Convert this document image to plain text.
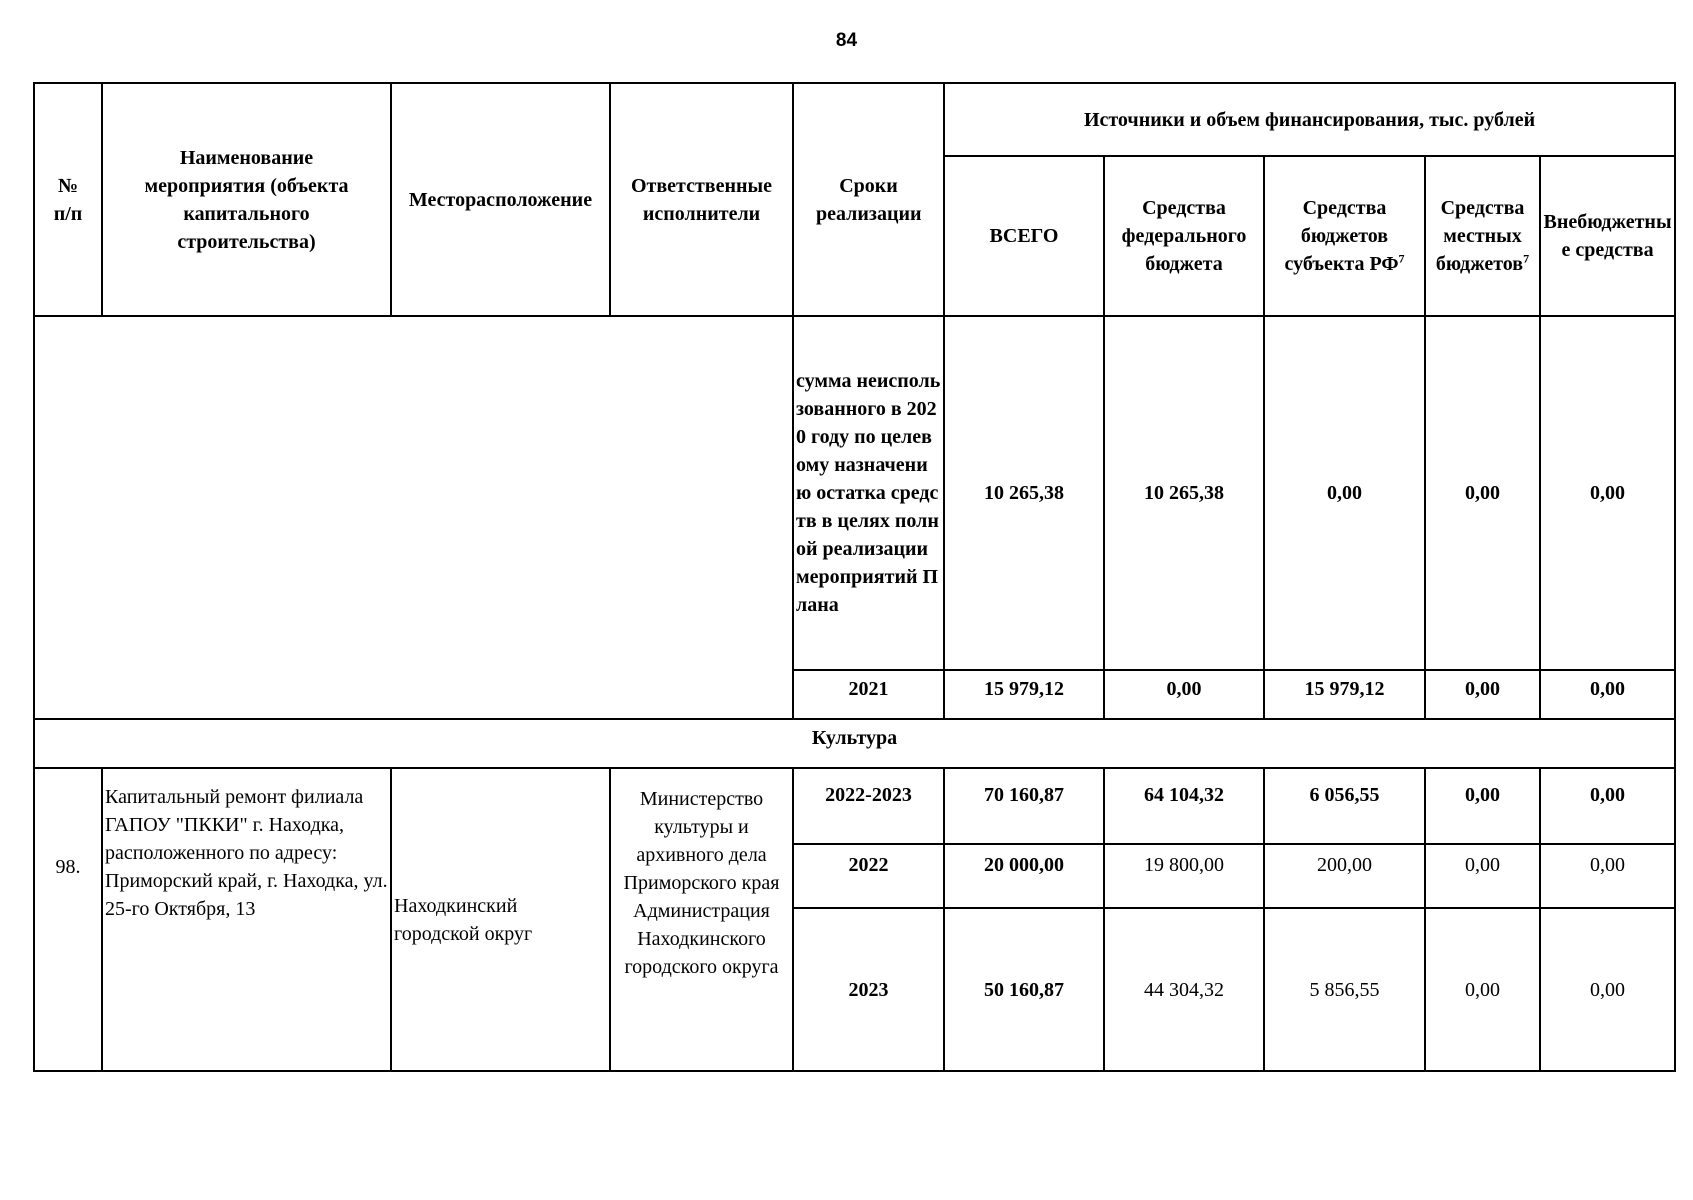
84
№ п/п	Наименование мероприятия (объекта капитального строительства)	Месторасположение	Ответственные исполнители	Сроки реализации	Источники и объем финансирования, тыс. рублей				
					ВСЕГО	Средства федерального бюджета	Средства бюджетов субъекта $РФ^7$	Средства местных бюджетов$^7$	Внебюджетные средства
				сумма неиспользованного в 2020 году по целевому назначению остатка средств в целях полной реализации мероприятий Плана	10 265,38	10 265,38	0,00	0,00	0,00
				2021	15 979,12	0,00	15 979,12	0,00	0,00
Культура									
98.	Капитальный ремонт филиала ГАПОУ "ПККИ" г. Находка, расположенного по адресу: Приморский край, г. Находка, ул. 25-го Октября, 13	Находкинский городской округ	Министерство культуры и архивного дела Приморского края Администрация Находкинского городского округа	2022-2023	70 160,87	64 104,32	6 056,55	0,00	0,00
				2022	20 000,00	19 800,00	200,00	0,00	0,00
				2023	50 160,87	44 304,32	5 856,55	0,00	0,00
